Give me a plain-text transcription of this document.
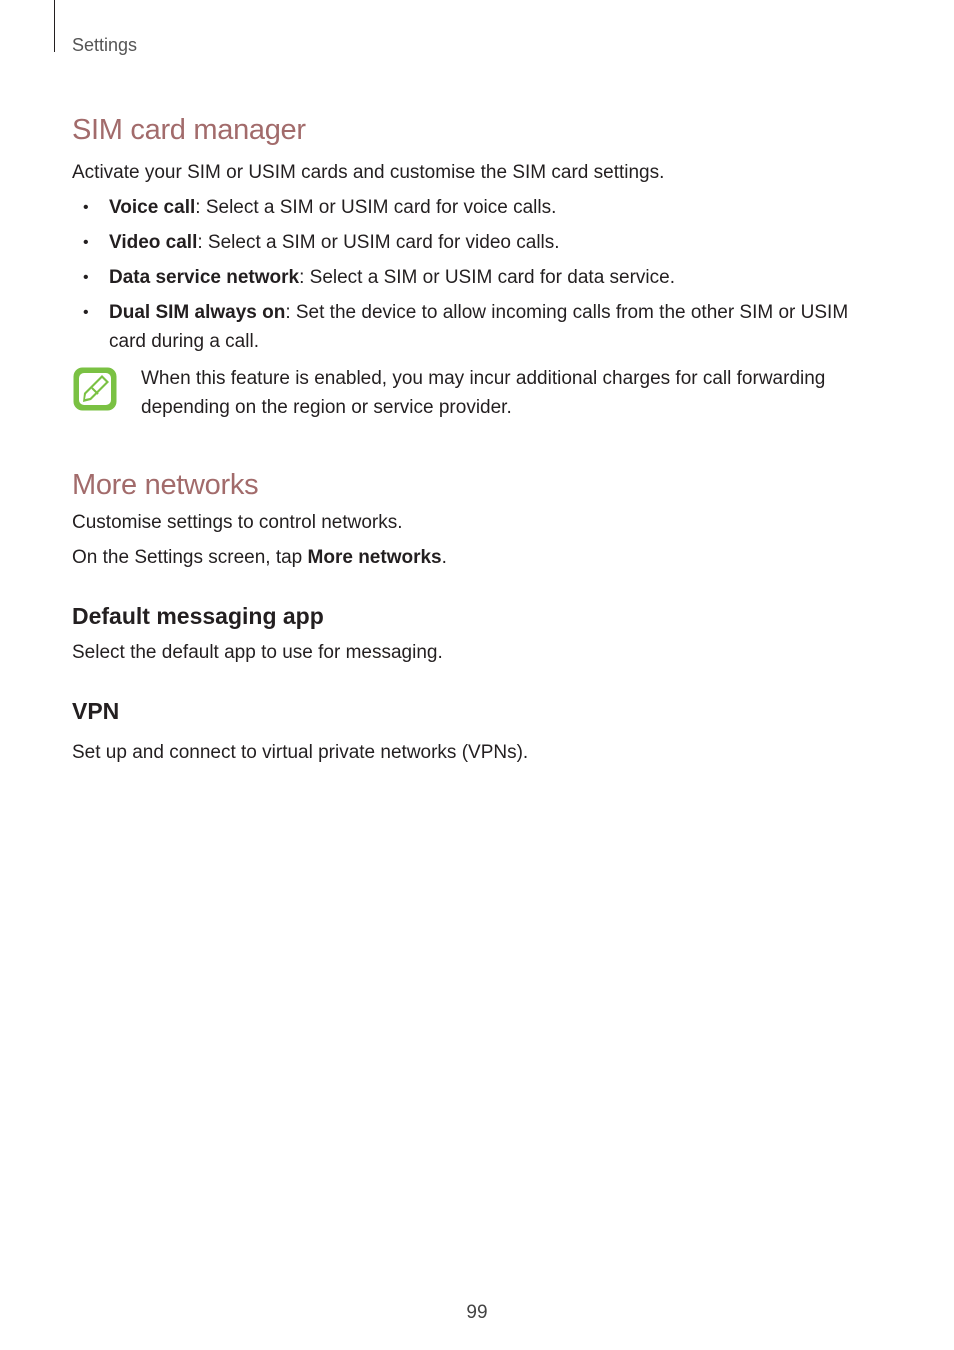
Settings
SIM card manager

Activate your SIM or USIM cards and customise the SIM card settings.

• Voice call: Select a SIM or USIM card for voice calls.
• Video call: Select a SIM or USIM card for video calls.
• Data service network: Select a SIM or USIM card for data service.
• Dual SIM always on: Set the device to allow incoming calls from the other SIM or USIM card during a call.

When this feature is enabled, you may incur additional charges for call forwarding depending on the region or service provider.

More networks

Customise settings to control networks.

On the Settings screen, tap More networks.

Default messaging app

Select the default app to use for messaging.

VPN

Set up and connect to virtual private networks (VPNs).

99
